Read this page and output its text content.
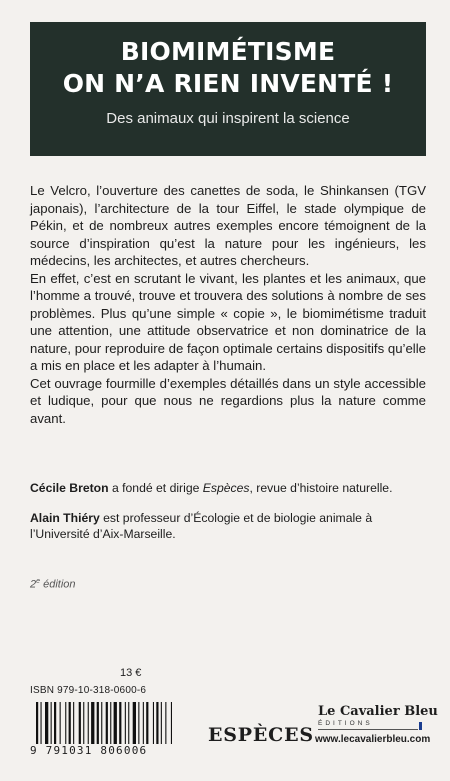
BIOMIMÉTISME
ON N’A RIEN INVENTÉ !
Des animaux qui inspirent la science

Le Velcro, l’ouverture des canettes de soda, le Shinkansen (TGV japonais), l’architecture de la tour Eiffel, le stade olympique de Pékin, et de nombreux autres exemples encore témoignent de la source d’inspiration qu’est la nature pour les ingénieurs, les médecins, les architectes, et autres chercheurs.

En effet, c’est en scrutant le vivant, les plantes et les animaux, que l’homme a trouvé, trouve et trouvera des solutions à nombre de ses problèmes. Plus qu’une simple « copie », le biomimétisme traduit une attention, une attitude observatrice et non dominatrice de la nature, pour reproduire de façon optimale certains dispositifs qu’elle a mis en place et les adapter à l’humain.

Cet ouvrage fourmille d’exemples détaillés dans un style accessible et ludique, pour que nous ne regardions plus la nature comme avant.

Cécile Breton a fondé et dirige Espèces, revue d’histoire naturelle.

Alain Thiéry est professeur d’Écologie et de biologie animale à l’Université d’Aix-Marseille.

2e édition
13 €
ISBN 979-10-318-0600-6
9 791031 806006
ESPÈCES
Le Cavalier Bleu
ÉDITIONS
www.lecavalierbleu.com
